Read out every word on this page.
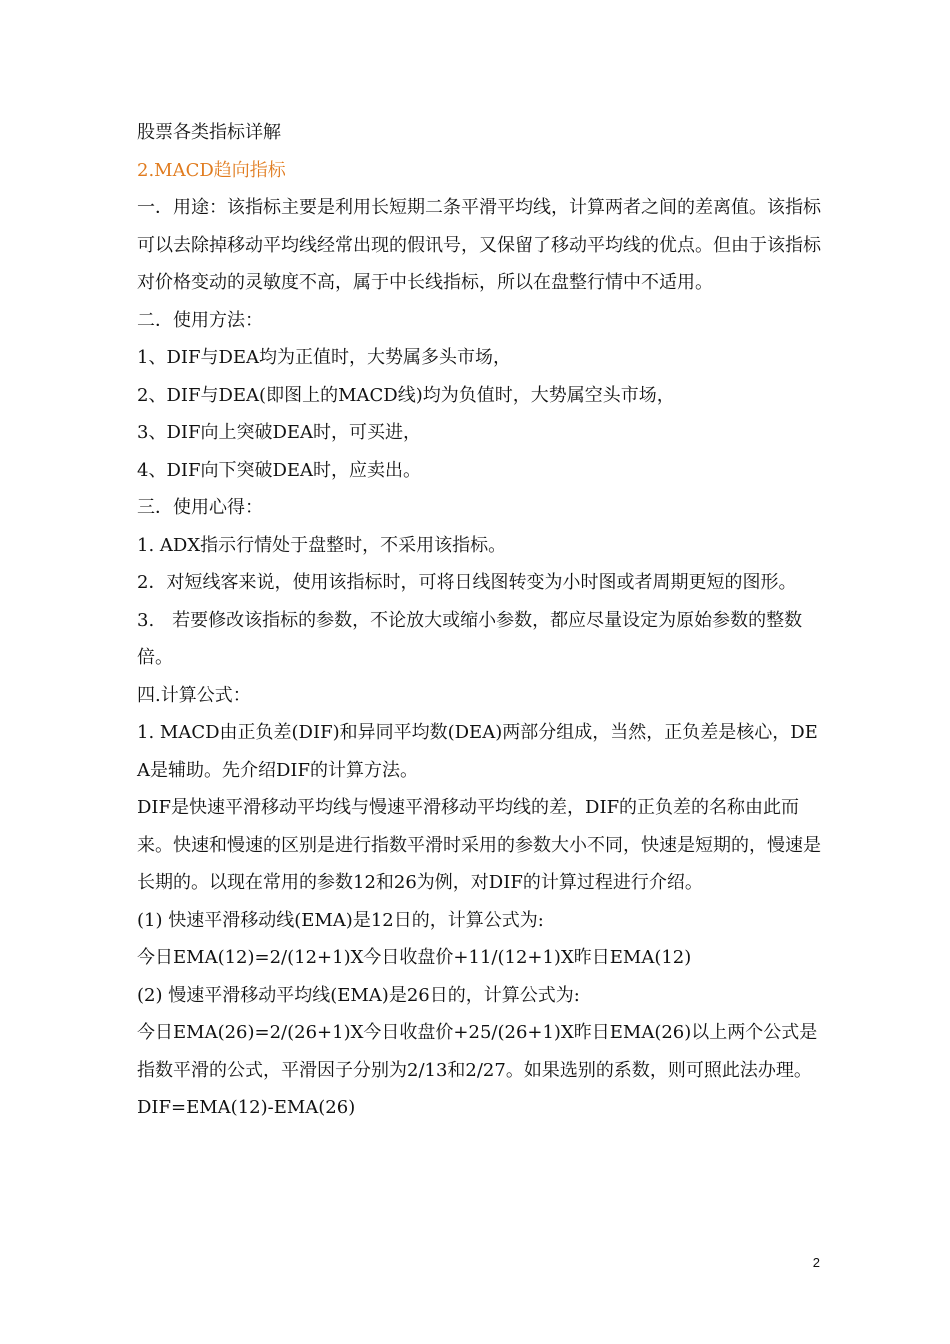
股票各类指标详解

2.MACD趋向指标

一．用途：该指标主要是利用长短期二条平滑平均线，计算两者之间的差离值。该指标可以去除掉移动平均线经常出现的假讯号，又保留了移动平均线的优点。但由于该指标对价格变动的灵敏度不高，属于中长线指标，所以在盘整行情中不适用。

二．使用方法：

1、DIF与DEA均为正值时，大势属多头市场，

2、DIF与DEA(即图上的MACD线)均为负值时，大势属空头市场，

3、DIF向上突破DEA时，可买进，

4、DIF向下突破DEA时，应卖出。

三．使用心得：

1. ADX指示行情处于盘整时，不采用该指标。

2．对短线客来说，使用该指标时，可将日线图转变为小时图或者周期更短的图形。

3.　若要修改该指标的参数，不论放大或缩小参数，都应尽量设定为原始参数的整数倍。

四.计算公式：

1. MACD由正负差(DIF)和异同平均数(DEA)两部分组成，当然，正负差是核心，DEA是辅助。先介绍DIF的计算方法。

DIF是快速平滑移动平均线与慢速平滑移动平均线的差，DIF的正负差的名称由此而来。快速和慢速的区别是进行指数平滑时采用的参数大小不同，快速是短期的，慢速是长期的。以现在常用的参数12和26为例，对DIF的计算过程进行介绍。

(1) 快速平滑移动线(EMA)是12日的，计算公式为:

今日EMA(12)=2/(12+1)X今日收盘价+11/(12+1)X昨日EMA(12)

(2) 慢速平滑移动平均线(EMA)是26日的，计算公式为:

今日EMA(26)=2/(26+1)X今日收盘价+25/(26+1)X昨日EMA(26)以上两个公式是指数平滑的公式，平滑因子分别为2/13和2/27。如果选别的系数，则可照此法办理。

DIF=EMA(12)-EMA(26)

2
